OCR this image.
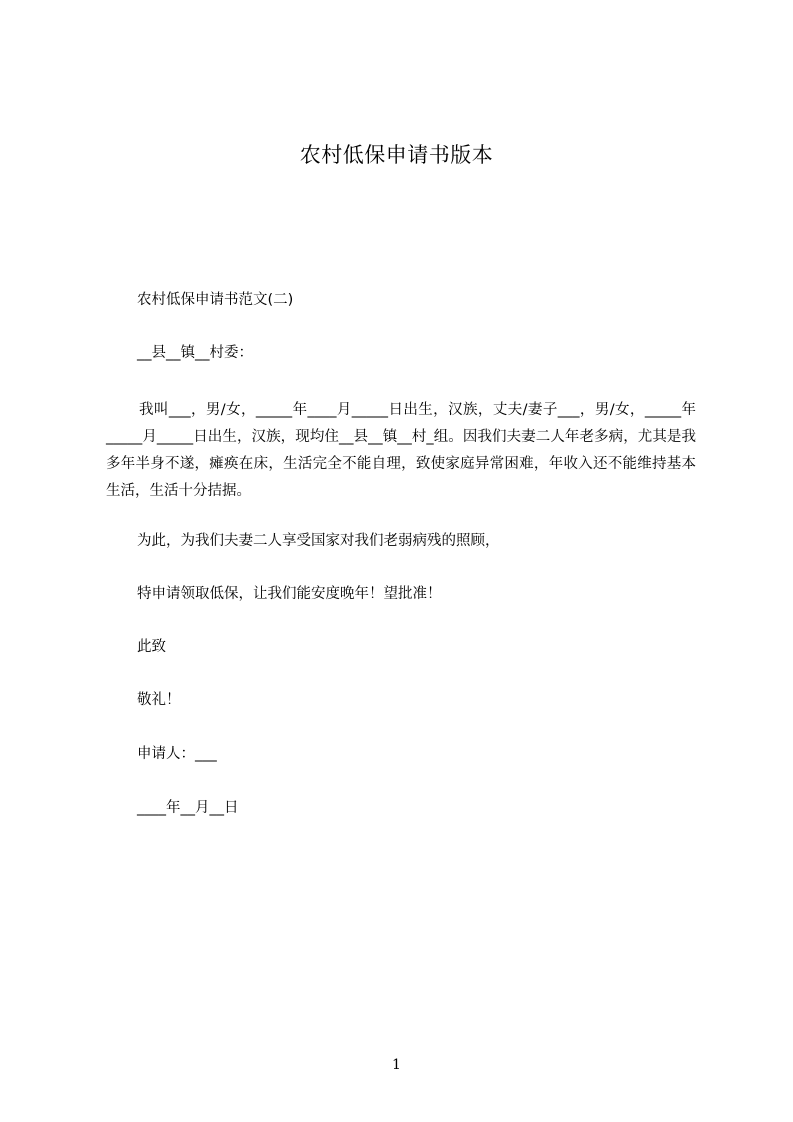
农村低保申请书版本
农村低保申请书范文(二)
__县__镇__村委：
我叫___，男/女，_____年____月_____日出生，汉族，丈夫/妻子___，男/女，_____年_____月_____日出生，汉族，现均住__县__镇__村_组。因我们夫妻二人年老多病，尤其是我多年半身不遂，瘫痪在床，生活完全不能自理，致使家庭异常困难，年收入还不能维持基本生活，生活十分拮据。
为此，为我们夫妻二人享受国家对我们老弱病残的照顾，
特申请领取低保，让我们能安度晚年！望批准！
此致
敬礼！
申请人：___
____年__月__日
1
